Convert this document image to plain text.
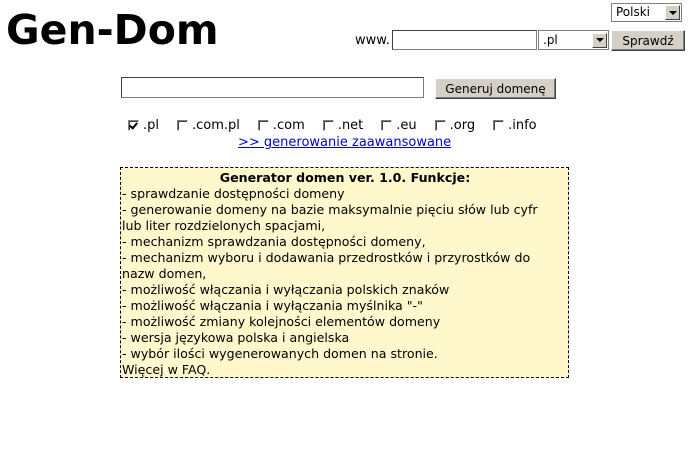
Gen-Dom	Polski
www.	.pl	Sprawdź
Generuj domenę
.pl	.com.pl	.com	.net	.eu	.org	.info
>> generowanie zaawansowane
Generator domen ver. 1.0. Funkcje:
- sprawdzanie dostępności domeny
- generowanie domeny na bazie maksymalnie pięciu słów lub cyfr
lub liter rozdzielonych spacjami,
- mechanizm sprawdzania dostępności domeny,
- mechanizm wyboru i dodawania przedrostków i przyrostków do
nazw domen,
- możliwość włączania i wyłączania polskich znaków
- możliwość włączania i wyłączania myślnika "-"
- możliwość zmiany kolejności elementów domeny
- wersja językowa polska i angielska
- wybór ilości wygenerowanych domen na stronie.
Więcej w FAQ.
